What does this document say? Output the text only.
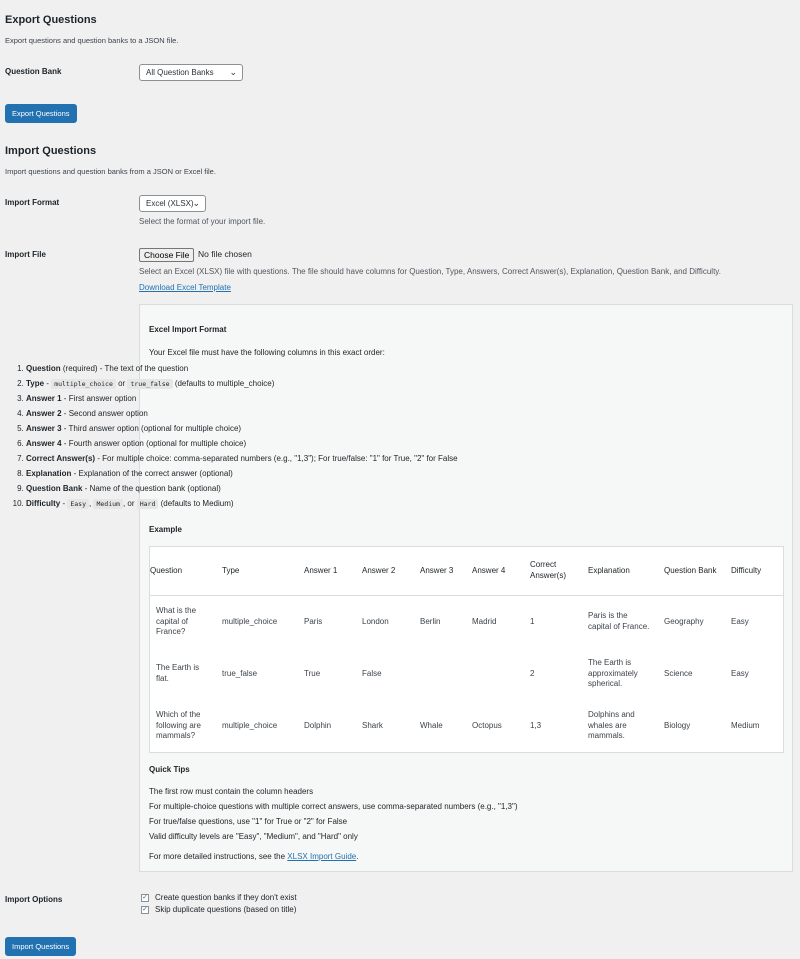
Export Questions
Export questions and question banks to a JSON file.
Question Bank	All Question Banks ⌄
Export Questions
Import Questions
Import questions and question banks from a JSON or Excel file.
Import Format	Excel (XLSX)
⌄
Select the format of your import file.
Import File	Choose File	No file chosen
Select an Excel (XLSX) file with questions. The file should have columns for Question, Type, Answers, Correct Answer(s), Explanation, Question Bank, and Difficulty.
Download Excel Template
Excel Import Format
Your Excel file must have the following columns in this exact order:
1. Question (required) - The text of the question
2. Type - multiple_choice or true_false (defaults to multiple_choice)
3. Answer 1 - First answer option
4. Answer 2 - Second answer option
5. Answer 3 - Third answer option (optional for multiple choice)
6. Answer 4 - Fourth answer option (optional for multiple choice)
7. Correct Answer(s) - For multiple choice: comma-separated numbers (e.g., "1,3"); For true/false: "1" for True, "2" for False
8. Explanation - Explanation of the correct answer (optional)
9. Question Bank - Name of the question bank (optional)
10. Difficulty - Easy , Medium , or Hard (defaults to Medium)
Example
Question	Type	Answer 1	Answer 2	Answer 3	Answer 4	Correct Answer(s)	Explanation	Question Bank	Difficulty
What is the capital of France?	multiple_choice	Paris	London	Berlin	Madrid	1	Paris is the capital of France.	Geography	Easy
The Earth is flat.	true_false	True	False			2	The Earth is approximately spherical.	Science	Easy
Which of the following are mammals?	multiple_choice	Dolphin	Shark	Whale	Octopus	1,3	Dolphins and whales are mammals.	Biology	Medium
Quick Tips
The first row must contain the column headers
For multiple-choice questions with multiple correct answers, use comma-separated numbers (e.g., "1,3")
For true/false questions, use "1" for True or "2" for False
Valid difficulty levels are "Easy", "Medium", and "Hard" only
For more detailed instructions, see the XLSX Import Guide.
Import Options	✓ Create question banks if they don't exist
✓ Skip duplicate questions (based on title)
Import Questions
